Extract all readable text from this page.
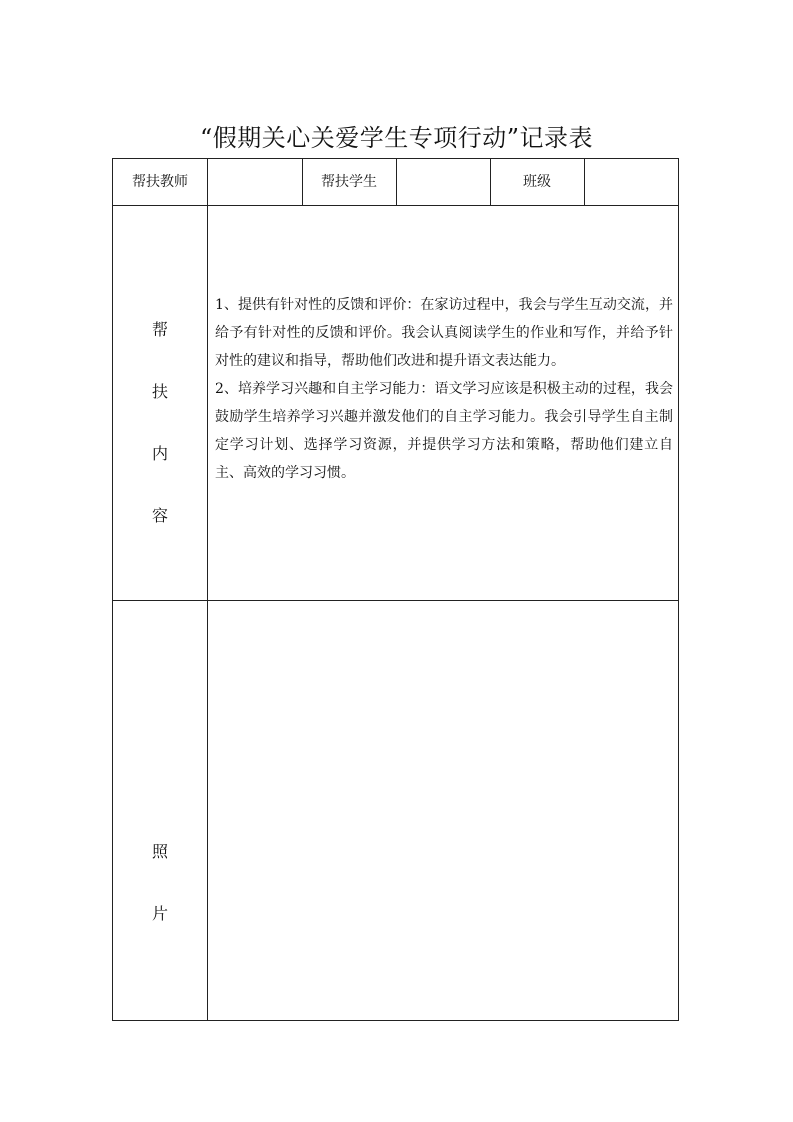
“假期关心关爱学生专项行动”记录表
帮扶教师	帮扶学生	班级
帮
扶
内
容

1、提供有针对性的反馈和评价：在家访过程中，我会与学生互动交流，并给予有针对性的反馈和评价。我会认真阅读学生的作业和写作，并给予针对性的建议和指导，帮助他们改进和提升语文表达能力。

2、培养学习兴趣和自主学习能力：语文学习应该是积极主动的过程，我会鼓励学生培养学习兴趣并激发他们的自主学习能力。我会引导学生自主制定学习计划、选择学习资源，并提供学习方法和策略，帮助他们建立自主、高效的学习习惯。

照
片
